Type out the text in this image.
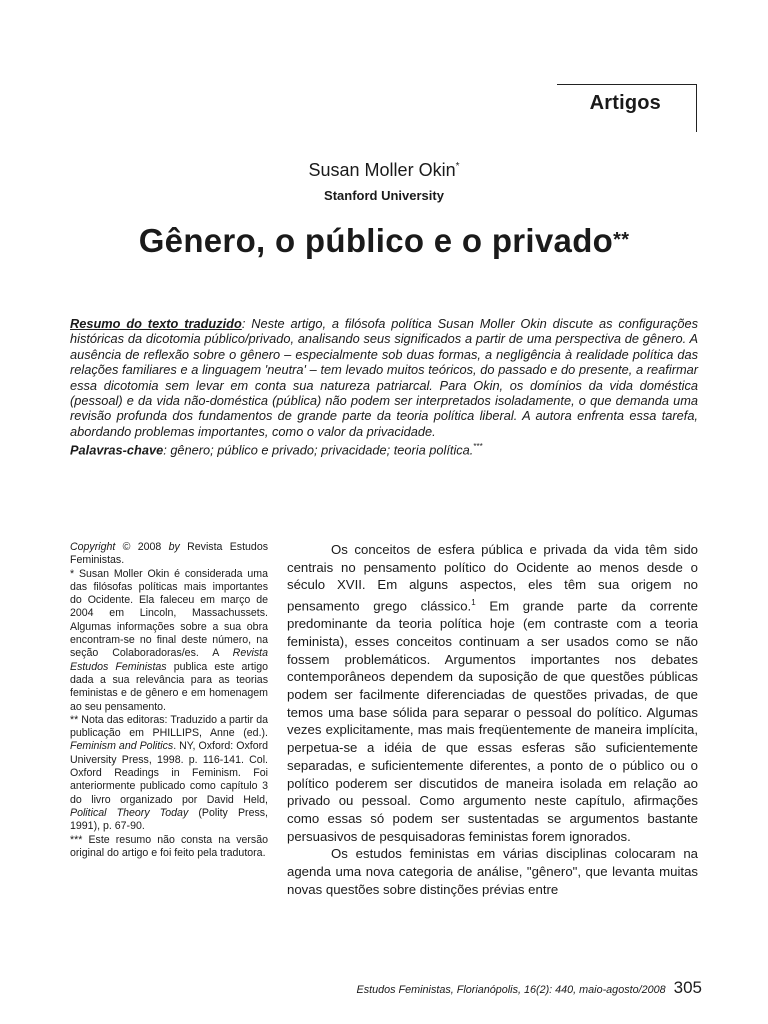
Artigos
Susan Moller Okin*
Stanford University
Gênero, o público e o privado**
Resumo do texto traduzido: Neste artigo, a filósofa política Susan Moller Okin discute as configurações históricas da dicotomia público/privado, analisando seus significados a partir de uma perspectiva de gênero. A ausência de reflexão sobre o gênero – especialmente sob duas formas, a negligência à realidade política das relações familiares e a linguagem 'neutra' – tem levado muitos teóricos, do passado e do presente, a reafirmar essa dicotomia sem levar em conta sua natureza patriarcal. Para Okin, os domínios da vida doméstica (pessoal) e da vida não-doméstica (pública) não podem ser interpretados isoladamente, o que demanda uma revisão profunda dos fundamentos de grande parte da teoria política liberal. A autora enfrenta essa tarefa, abordando problemas importantes, como o valor da privacidade.
Palavras-chave: gênero; público e privado; privacidade; teoria política.***

Copyright © 2008 by Revista Estudos Feministas.

* Susan Moller Okin é considerada uma das filósofas políticas mais importantes do Ocidente. Ela faleceu em março de 2004 em Lincoln, Massachussets. Algumas informações sobre a sua obra encontram-se no final deste número, na seção Colaboradoras/es. A Revista Estudos Feministas publica este artigo dada a sua relevância para as teorias feministas e de gênero e em homenagem ao seu pensamento.

** Nota das editoras: Traduzido a partir da publicação em PHILLIPS, Anne (ed.). Feminism and Politics. NY, Oxford: Oxford University Press, 1998. p. 116-141. Col. Oxford Readings in Feminism. Foi anteriormente publicado como capítulo 3 do livro organizado por David Held, Political Theory Today (Polity Press, 1991), p. 67-90.

*** Este resumo não consta na versão original do artigo e foi feito pela tradutora.

Os conceitos de esfera pública e privada da vida têm sido centrais no pensamento político do Ocidente ao menos desde o século XVII. Em alguns aspectos, eles têm sua origem no pensamento grego clássico.$^1$ Em grande parte da corrente predominante da teoria política hoje (em contraste com a teoria feminista), esses conceitos continuam a ser usados como se não fossem problemáticos. Argumentos importantes nos debates contemporâneos dependem da suposição de que questões públicas podem ser facilmente diferenciadas de questões privadas, de que temos uma base sólida para separar o pessoal do político. Algumas vezes explicitamente, mas mais freqüentemente de maneira implícita, perpetua-se a idéia de que essas esferas são suficientemente separadas, e suficientemente diferentes, a ponto de o público ou o político poderem ser discutidos de maneira isolada em relação ao privado ou pessoal. Como argumento neste capítulo, afirmações como essas só podem ser sustentadas se argumentos bastante persuasivos de pesquisadoras feministas forem ignorados.

Os estudos feministas em várias disciplinas colocaram na agenda uma nova categoria de análise, "gênero", que levanta muitas novas questões sobre distinções prévias entre

Estudos Feministas, Florianópolis, 16(2): 440, maio-agosto/2008 305
